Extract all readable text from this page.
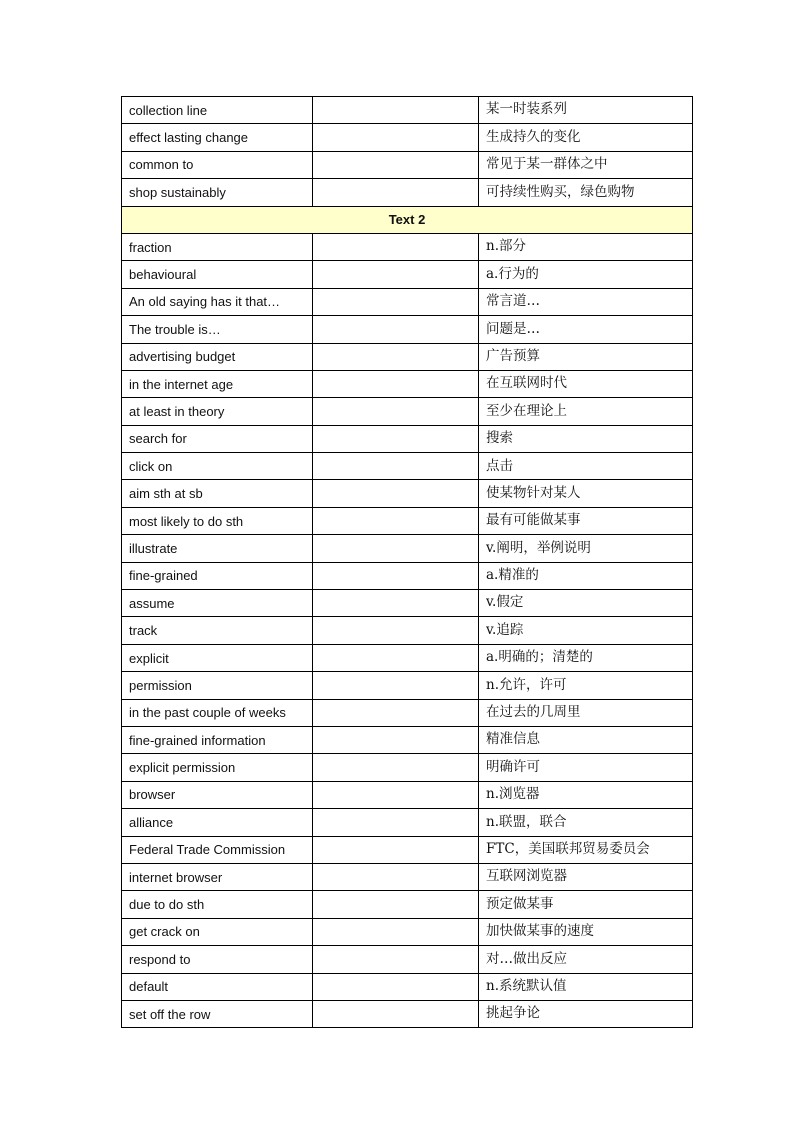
collection line		某一时装系列
effect lasting change		生成持久的变化
common to		常见于某一群体之中
shop sustainably		可持续性购买，绿色购物
Text 2		
fraction		n.部分
behavioural		a.行为的
An old saying has it that…		常言道…
The trouble is…		问题是…
advertising budget		广告预算
in the internet age		在互联网时代
at least in theory		至少在理论上
search for		搜索
click on		点击
aim sth at sb		使某物针对某人
most likely to do sth		最有可能做某事
illustrate		v.阐明，举例说明
fine-grained		a.精准的
assume		v.假定
track		v.追踪
explicit		a.明确的；清楚的
permission		n.允许，许可
in the past couple of weeks		在过去的几周里
fine-grained information		精准信息
explicit permission		明确许可
browser		n.浏览器
alliance		n.联盟，联合
Federal Trade Commission		FTC，美国联邦贸易委员会
internet browser		互联网浏览器
due to do sth		预定做某事
get crack on		加快做某事的速度
respond to		对…做出反应
default		n.系统默认值
set off the row		挑起争论
